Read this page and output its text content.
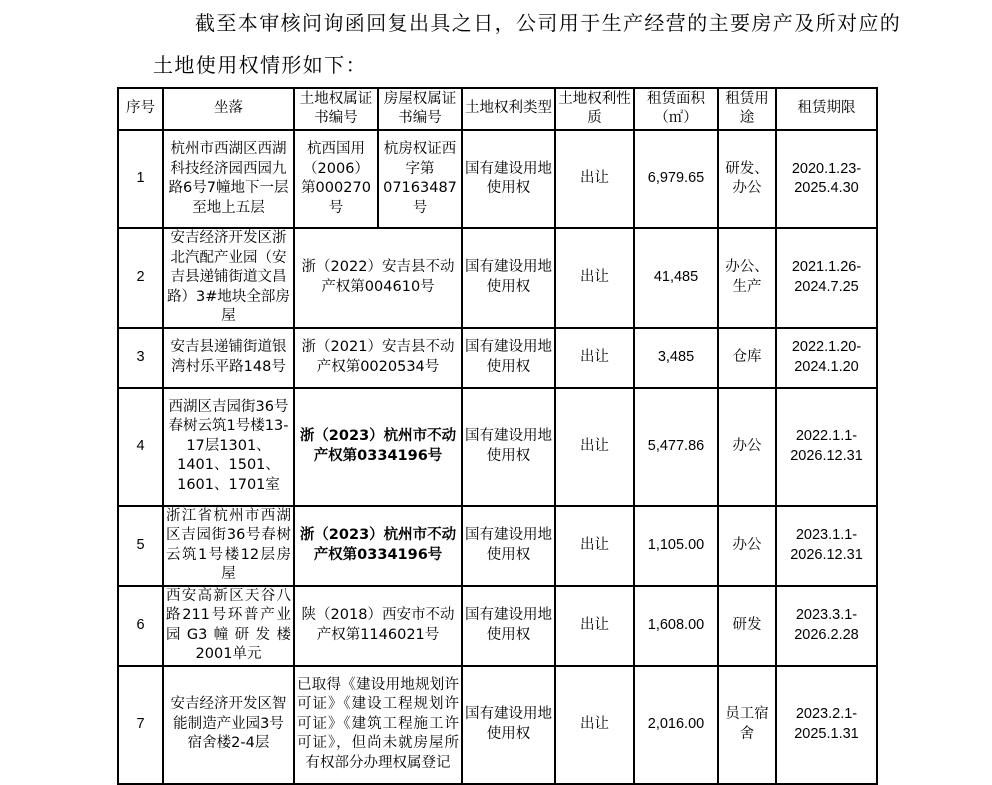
截至本审核问询函回复出具之日，公司用于生产经营的主要房产及所对应的
土地使用权情形如下：
序号	坐落	土地权属证书编号	房屋权属证书编号	土地权利类型	土地权利性质	租赁面积（㎡）	租赁用途	租赁期限
1	杭州市西湖区西湖科技经济园西园九路6号7幢地下一层至地上五层	杭西国用（2006）第000270号	杭房权证西字第07163487号	国有建设用地使用权	出让	6,979.65	研发、办公	2020.1.23-2025.4.30
2	安吉经济开发区浙北汽配产业园（安吉县递铺街道文昌路）3#地块全部房屋	浙（2022）安吉县不动产权第004610号		国有建设用地使用权	出让	41,485	办公、生产	2021.1.26-2024.7.25
3	安吉县递铺街道银湾村乐平路148号	浙（2021）安吉县不动产权第0020534号		国有建设用地使用权	出让	3,485	仓库	2022.1.20-2024.1.20
4	西湖区吉园街36号春树云筑1号楼13-17层1301、1401、1501、1601、1701室	浙（2023）杭州市不动产权第0334196号		国有建设用地使用权	出让	5,477.86	办公	2022.1.1-2026.12.31
5	浙江省杭州市西湖区吉园街36号春树云筑1号楼12层房屋	浙（2023）杭州市不动产权第0334196号		国有建设用地使用权	出让	1,105.00	办公	2023.1.1-2026.12.31
6	西安高新区天谷八路211号环普产业园G3幢研发楼2001单元	陕（2018）西安市不动产权第1146021号		国有建设用地使用权	出让	1,608.00	研发	2023.3.1-2026.2.28
7	安吉经济开发区智能制造产业园3号宿舍楼2-4层	已取得《建设用地规划许可证》《建设工程规划许可证》《建筑工程施工许可证》，但尚未就房屋所有权部分办理权属登记		国有建设用地使用权	出让	2,016.00	员工宿舍	2023.2.1-2025.1.31
